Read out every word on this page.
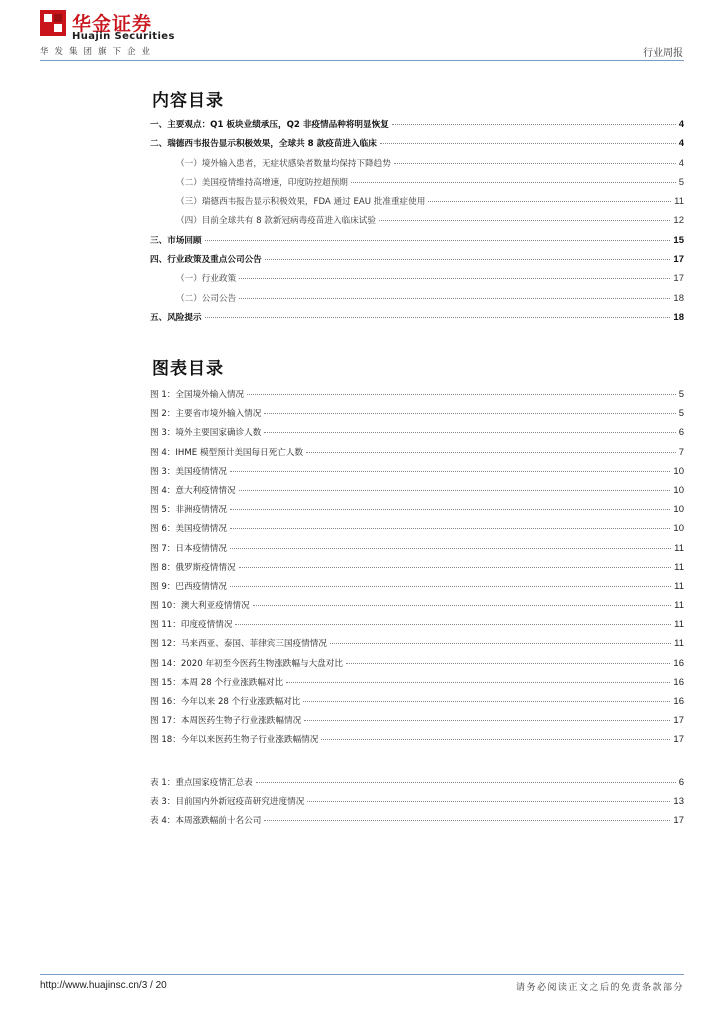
华金证券
Huajin Securities
华发集团旗下企业	行业周报
内容目录
一、主要观点：Q1 板块业绩承压，Q2 非疫情品种将明显恢复	4
二、瑞德西韦报告显示积极效果，全球共 8 款疫苗进入临床	4
（一）境外输入患者，无症状感染者数量均保持下降趋势	4
（二）美国疫情维持高增速，印度防控超预期	5
（三）瑞德西韦报告显示积极效果，FDA 通过 EAU 批准重症使用	11
（四）目前全球共有 8 款新冠病毒疫苗进入临床试验	12
三、市场回顾	15
四、行业政策及重点公司公告	17
（一）行业政策	17
（二）公司公告	18
五、风险提示	18
图表目录
图 1：全国境外输入情况	5
图 2：主要省市境外输入情况	5
图 3：境外主要国家确诊人数	6
图 4：IHME 模型预计美国每日死亡人数	7
图 3：美国疫情情况	10
图 4：意大利疫情情况	10
图 5：非洲疫情情况	10
图 6：美国疫情情况	10
图 7：日本疫情情况	11
图 8：俄罗斯疫情情况	11
图 9：巴西疫情情况	11
图 10：澳大利亚疫情情况	11
图 11：印度疫情情况	11
图 12：马来西亚、泰国、菲律宾三国疫情情况	11
图 14：2020 年初至今医药生物涨跌幅与大盘对比	16
图 15：本周 28 个行业涨跌幅对比	16
图 16：今年以来 28 个行业涨跌幅对比	16
图 17：本周医药生物子行业涨跌幅情况	17
图 18：今年以来医药生物子行业涨跌幅情况	17
表 1：重点国家疫情汇总表	6
表 3：目前国内外新冠疫苗研究进度情况	13
表 4：本周涨跌幅前十名公司	17
http://www.huajinsc.cn/3 / 20	请务必阅读正文之后的免责条款部分
